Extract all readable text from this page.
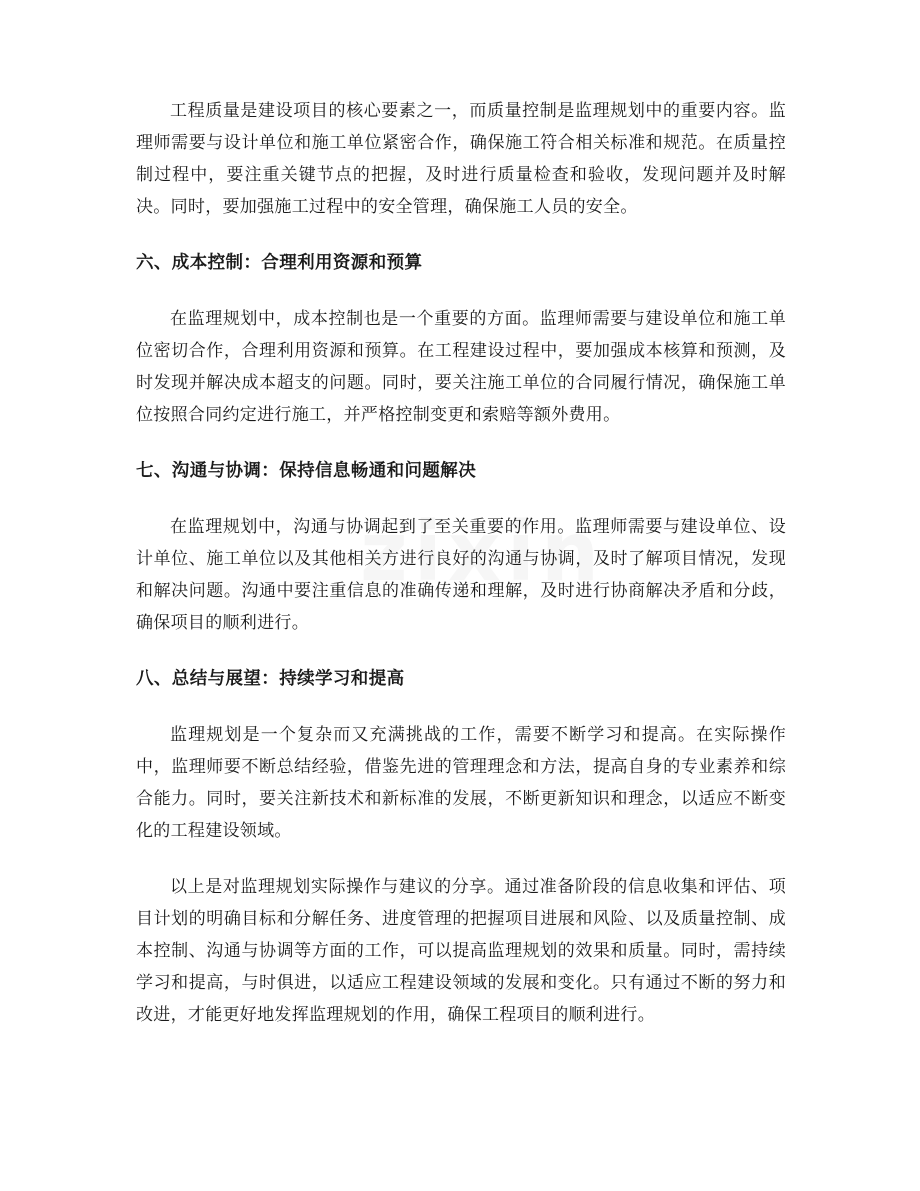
工程质量是建设项目的核心要素之一，而质量控制是监理规划中的重要内容。监理师需要与设计单位和施工单位紧密合作，确保施工符合相关标准和规范。在质量控制过程中，要注重关键节点的把握，及时进行质量检查和验收，发现问题并及时解决。同时，要加强施工过程中的安全管理，确保施工人员的安全。

六、成本控制：合理利用资源和预算

在监理规划中，成本控制也是一个重要的方面。监理师需要与建设单位和施工单位密切合作，合理利用资源和预算。在工程建设过程中，要加强成本核算和预测，及时发现并解决成本超支的问题。同时，要关注施工单位的合同履行情况，确保施工单位按照合同约定进行施工，并严格控制变更和索赔等额外费用。

七、沟通与协调：保持信息畅通和问题解决

在监理规划中，沟通与协调起到了至关重要的作用。监理师需要与建设单位、设计单位、施工单位以及其他相关方进行良好的沟通与协调，及时了解项目情况，发现和解决问题。沟通中要注重信息的准确传递和理解，及时进行协商解决矛盾和分歧，确保项目的顺利进行。

八、总结与展望：持续学习和提高

监理规划是一个复杂而又充满挑战的工作，需要不断学习和提高。在实际操作中，监理师要不断总结经验，借鉴先进的管理理念和方法，提高自身的专业素养和综合能力。同时，要关注新技术和新标准的发展，不断更新知识和理念，以适应不断变化的工程建设领域。

以上是对监理规划实际操作与建议的分享。通过准备阶段的信息收集和评估、项目计划的明确目标和分解任务、进度管理的把握项目进展和风险、以及质量控制、成本控制、沟通与协调等方面的工作，可以提高监理规划的效果和质量。同时，需持续学习和提高，与时俱进，以适应工程建设领域的发展和变化。只有通过不断的努力和改进，才能更好地发挥监理规划的作用，确保工程项目的顺利进行。
